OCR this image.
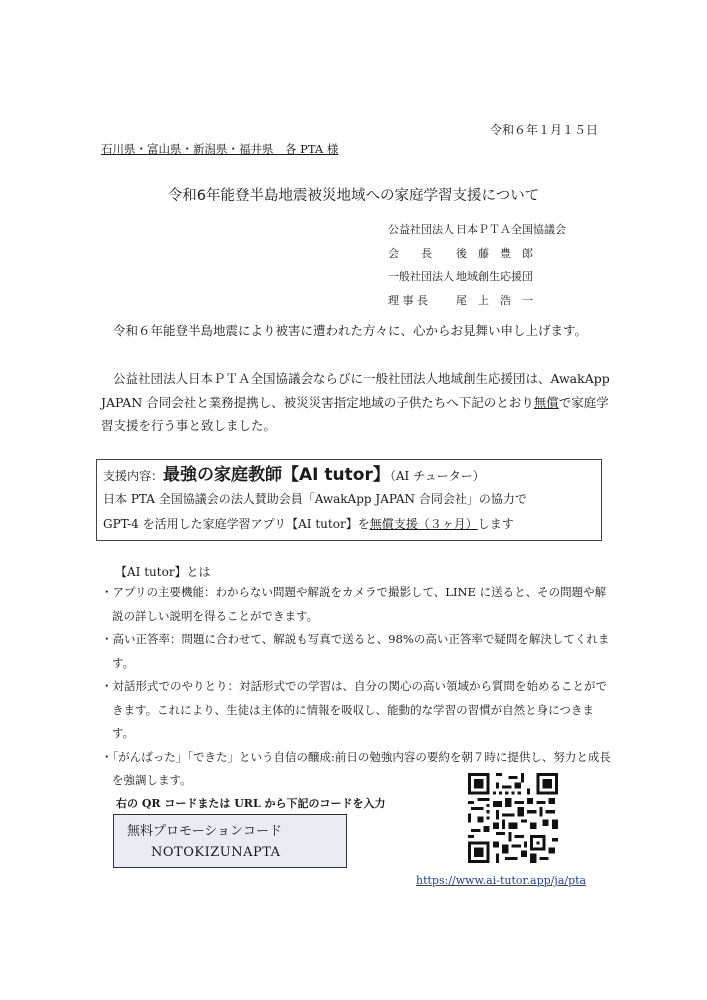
令和６年１月１５日
石川県・富山県・新潟県・福井県　各 PTA 様
令和6年能登半島地震被災地域への家庭学習支援について
公益社団法人 日本ＰＴＡ全国協議会
会　　長	後　藤　豊　郎
一般社団法人 地域創生応援団
理 事 長	尾　上　浩　一

令和６年能登半島地震により被害に遭われた方々に、心からお見舞い申し上げます。

公益社団法人日本ＰＴＡ全国協議会ならびに一般社団法人地域創生応援団は、AwakApp JAPAN 合同会社と業務提携し、被災災害指定地域の子供たちへ下記のとおり無償で家庭学習支援を行う事と致しました。

支援内容：最強の家庭教師【AI tutor】（AI チューター）
日本 PTA 全国協議会の法人賛助会員「AwakApp JAPAN 合同会社」の協力で
GPT-4 を活用した家庭学習アプリ【AI tutor】を無償支援（３ヶ月）します
【AI tutor】とは
・アプリの主要機能：わからない問題や解説をカメラで撮影して、LINE に送ると、その問題や解説の詳しい説明を得ることができます。
・高い正答率：問題に合わせて、解説も写真で送ると、98%の高い正答率で疑問を解決してくれます。
・対話形式でのやりとり：対話形式での学習は、自分の関心の高い領域から質問を始めることができます。これにより、生徒は主体的に情報を吸収し、能動的な学習の習慣が自然と身につきます。
・「がんばった」「できた」という自信の醸成:前日の勉強内容の要約を朝７時に提供し、努力と成長を強調します。
右の QR コードまたは URL から下記のコードを入力
無料プロモーションコード
NOTOKIZUNAPTA
https://www.ai-tutor.app/ja/pta
